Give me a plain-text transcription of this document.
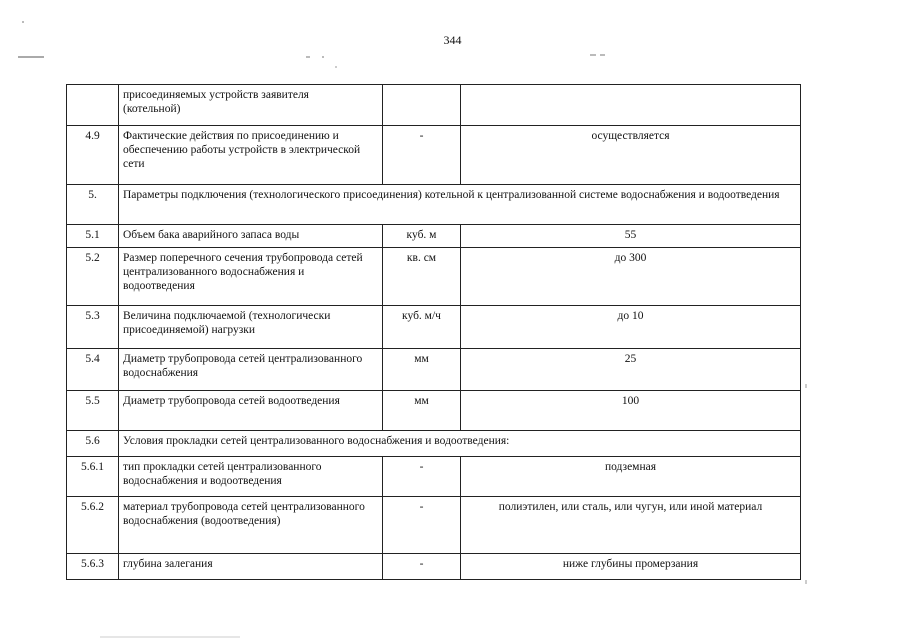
344

	присоединяемых устройств заявителя
(котельной)		

4.9	Фактические действия по присоединению и обеспечению работы устройств в электрической сети	-	осуществляется
5.	Параметры подключения (технологического присоединения) котельной к централизованной системе водоснабжения и водоотведения		
5.1	Объем бака аварийного запаса воды	куб. м	55
5.2	Размер поперечного сечения трубопровода сетей централизованного водоснабжения и водоотведения	кв. см	до 300
5.3	Величина подключаемой (технологически присоединяемой) нагрузки	куб. м/ч	до 10
5.4	Диаметр трубопровода сетей централизованного водоснабжения	мм	25
5.5	Диаметр трубопровода сетей водоотведения	мм	100
5.6	Условия прокладки сетей централизованного водоснабжения и водоотведения:		
5.6.1	тип прокладки сетей централизованного водоснабжения и водоотведения	-	подземная
5.6.2	материал трубопровода сетей централизованного водоснабжения (водоотведения)	-	полиэтилен, или сталь, или чугун, или иной материал
5.6.3	глубина залегания	-	ниже глубины промерзания
